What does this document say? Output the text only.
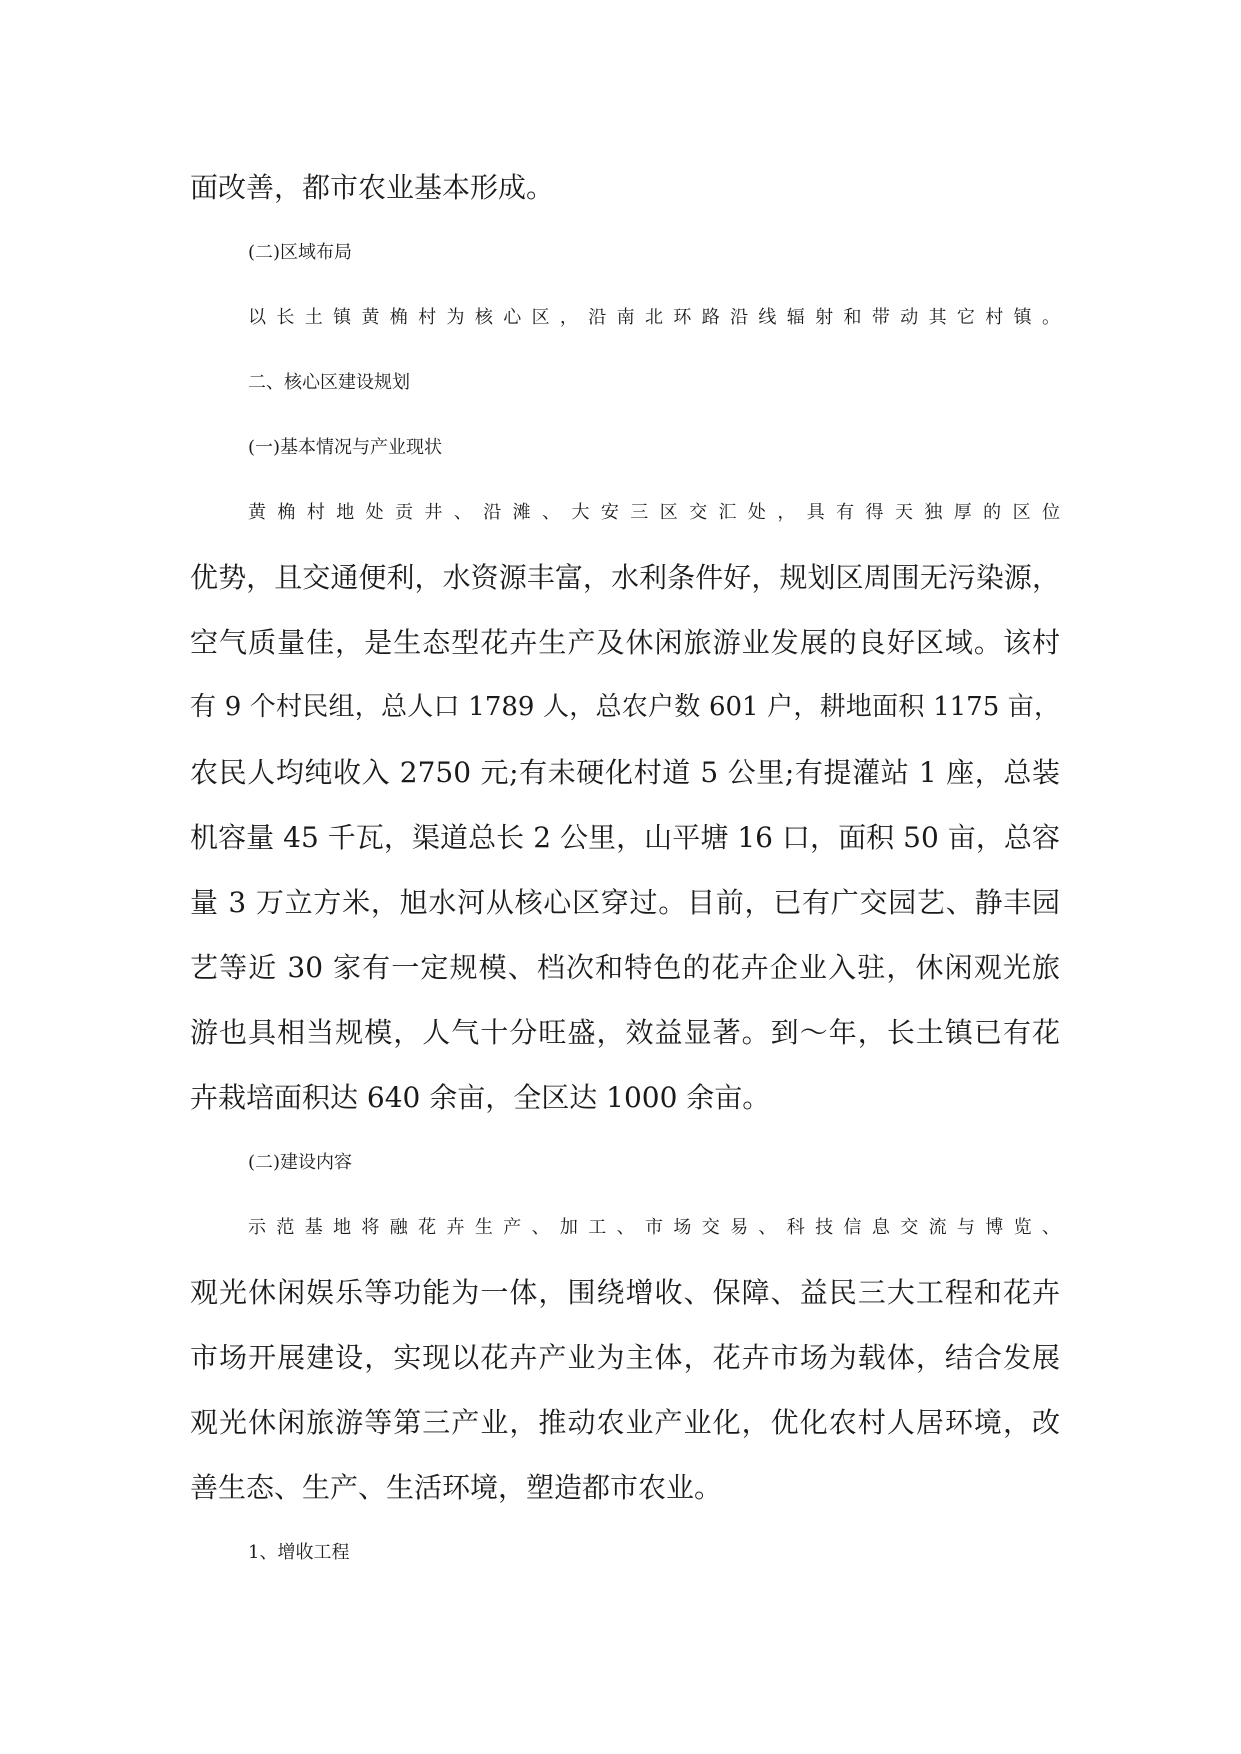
面改善，都市农业基本形成。
(二)区域布局
以长土镇黄桷村为核心区，沿南北环路沿线辐射和带动其它村镇。
二、核心区建设规划
(一)基本情况与产业现状
黄桷村地处贡井、沿滩、大安三区交汇处，具有得天独厚的区位
优势，且交通便利，水资源丰富，水利条件好，规划区周围无污染源，
空气质量佳，是生态型花卉生产及休闲旅游业发展的良好区域。该村
有 9 个村民组，总人口 1789 人，总农户数 601 户，耕地面积 1175 亩，
农民人均纯收入 2750 元;有未硬化村道 5 公里;有提灌站 1 座，总装
机容量 45 千瓦，渠道总长 2 公里，山平塘 16 口，面积 50 亩，总容
量 3 万立方米，旭水河从核心区穿过。目前，已有广交园艺、静丰园
艺等近 30 家有一定规模、档次和特色的花卉企业入驻，休闲观光旅
游也具相当规模，人气十分旺盛，效益显著。到～年，长土镇已有花
卉栽培面积达 640 余亩，全区达 1000 余亩。
(二)建设内容
示范基地将融花卉生产、加工、市场交易、科技信息交流与博览、
观光休闲娱乐等功能为一体，围绕增收、保障、益民三大工程和花卉
市场开展建设，实现以花卉产业为主体，花卉市场为载体，结合发展
观光休闲旅游等第三产业，推动农业产业化，优化农村人居环境，改
善生态、生产、生活环境，塑造都市农业。
1、增收工程
